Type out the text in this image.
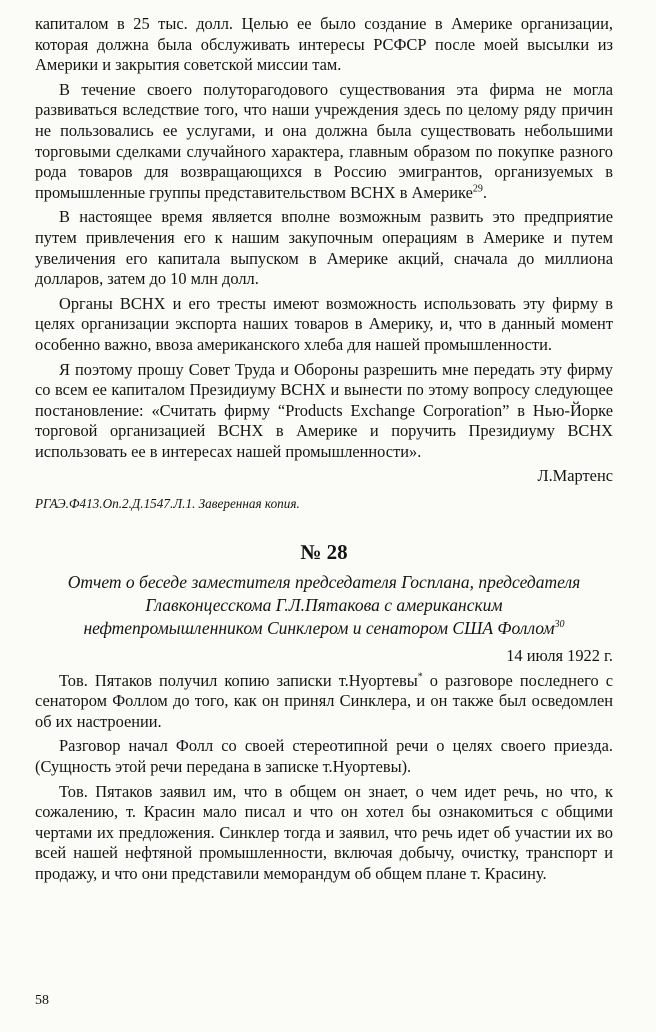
капиталом в 25 тыс. долл. Целью ее было создание в Америке организации, которая должна была обслуживать интересы РСФСР после моей высылки из Америки и закрытия советской миссии там.

В течение своего полуторагодового существования эта фирма не могла развиваться вследствие того, что наши учреждения здесь по целому ряду причин не пользовались ее услугами, и она должна была существовать небольшими торговыми сделками случайного характера, главным образом по покупке разного рода товаров для возвращающихся в Россию эмигрантов, организуемых в промышленные группы представительством ВСНХ в Америке$^{29}$.

В настоящее время является вполне возможным развить это предприятие путем привлечения его к нашим закупочным операциям в Америке и путем увеличения его капитала выпуском в Америке акций, сначала до миллиона долларов, затем до 10 млн долл.

Органы ВСНХ и его тресты имеют возможность использовать эту фирму в целях организации экспорта наших товаров в Америку, и, что в данный момент особенно важно, ввоза американского хлеба для нашей промышленности.

Я поэтому прошу Совет Труда и Обороны разрешить мне передать эту фирму со всем ее капиталом Президиуму ВСНХ и вынести по этому вопросу следующее постановление: «Считать фирму “Products Exchange Corporation” в Нью-Йорке торговой организацией ВСНХ в Америке и поручить Президиуму ВСНХ использовать ее в интересах нашей промышленности».

Л.Мартенс
РГАЭ.Ф413.Оп.2.Д.1547.Л.1. Заверенная копия.
№ 28
Отчет о беседе заместителя председателя Госплана, председателя Главконцесскома Г.Л.Пятакова с американским нефтепромышленником Синклером и сенатором США Фоллом$^{30}$
14 июля 1922 г.

Тов. Пятаков получил копию записки т.Нуортевы* о разговоре последнего с сенатором Фоллом до того, как он принял Синклера, и он также был осведомлен об их настроении.

Разговор начал Фолл со своей стереотипной речи о целях своего приезда. (Сущность этой речи передана в записке т.Нуортевы).

Тов. Пятаков заявил им, что в общем он знает, о чем идет речь, но что, к сожалению, т. Красин мало писал и что он хотел бы ознакомиться с общими чертами их предложения. Синклер тогда и заявил, что речь идет об участии их во всей нашей нефтяной промышленности, включая добычу, очистку, транспорт и продажу, и что они представили меморандум об общем плане т. Красину.

58
